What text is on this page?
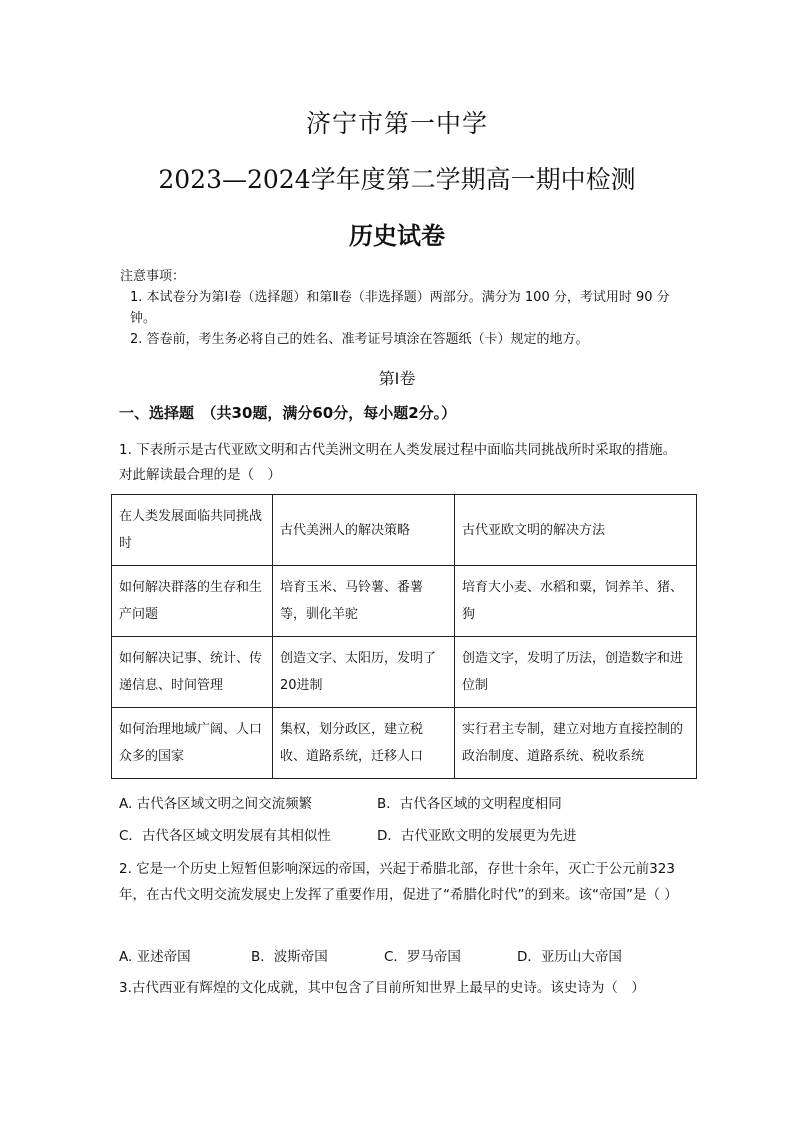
济宁市第一中学
2023—2024学年度第二学期高一期中检测
历史试卷
注意事项：
1. 本试卷分为第Ⅰ卷（选择题）和第Ⅱ卷（非选择题）两部分。满分为 100 分，考试用时 90 分钟。
2. 答卷前，考生务必将自己的姓名、准考证号填涂在答题纸（卡）规定的地方。
第Ⅰ卷
一、选择题　（共30题，满分60分，每小题2分。）
1. 下表所示是古代亚欧文明和古代美洲文明在人类发展过程中面临共同挑战所时采取的措施。对此解读最合理的是（　）
在人类发展面临共同挑战时	古代美洲人的解决策略	古代亚欧文明的解决方法
如何解决群落的生存和生产问题	培育玉米、马铃薯、番薯等，驯化羊驼	培育大小麦、水稻和粟，饲养羊、猪、狗
如何解决记事、统计、传递信息、时间管理	创造文字、太阳历，发明了20进制	创造文字，发明了历法，创造数字和进位制
如何治理地域广阔、人口众多的国家	集权，划分政区，建立税收、道路系统，迁移人口	实行君主专制，建立对地方直接控制的政治制度、道路系统、税收系统
A. 古代各区域文明之间交流频繁	B．古代各区域的文明程度相同
C．古代各区域文明发展有其相似性	D．古代亚欧文明的发展更为先进
2. 它是一个历史上短暂但影响深远的帝国，兴起于希腊北部，存世十余年，灭亡于公元前323年，在古代文明交流发展史上发挥了重要作用，促进了“希腊化时代”的到来。该“帝国”是（ ）
A. 亚述帝国	B．波斯帝国	C．罗马帝国	D．亚历山大帝国
3.古代西亚有辉煌的文化成就，其中包含了目前所知世界上最早的史诗。该史诗为（　）
